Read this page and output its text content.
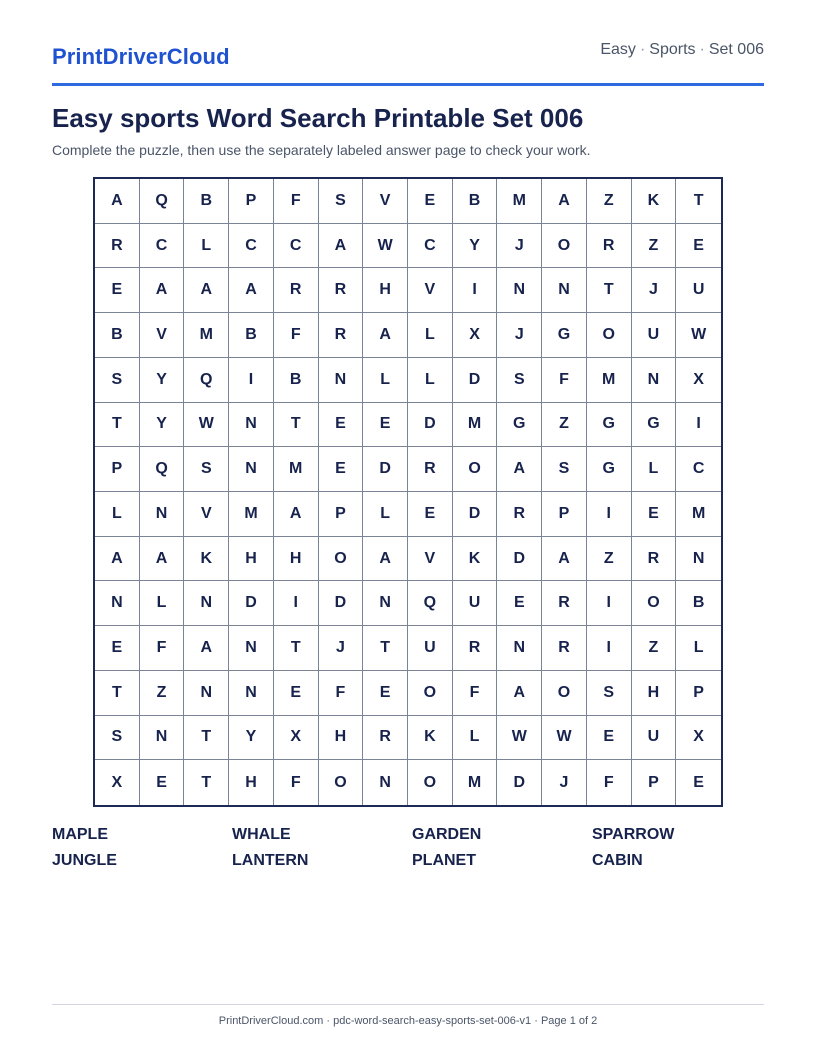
PrintDriverCloud	Easy · Sports · Set 006
Easy sports Word Search Printable Set 006

Complete the puzzle, then use the separately labeled answer page to check your work.

A	Q	B	P	F	S	V	E	B	M	A	Z	K	T
R	C	L	C	C	A	W	C	Y	J	O	R	Z	E
E	A	A	A	R	R	H	V	I	N	N	T	J	U
B	V	M	B	F	R	A	L	X	J	G	O	U	W
S	Y	Q	I	B	N	L	L	D	S	F	M	N	X
T	Y	W	N	T	E	E	D	M	G	Z	G	G	I
P	Q	S	N	M	E	D	R	O	A	S	G	L	C
L	N	V	M	A	P	L	E	D	R	P	I	E	M
A	A	K	H	H	O	A	V	K	D	A	Z	R	N
N	L	N	D	I	D	N	Q	U	E	R	I	O	B
E	F	A	N	T	J	T	U	R	N	R	I	Z	L
T	Z	N	N	E	F	E	O	F	A	O	S	H	P
S	N	T	Y	X	H	R	K	L	W	W	E	U	X
X	E	T	H	F	O	N	O	M	D	J	F	P	E
MAPLE	WHALE	GARDEN	SPARROW
JUNGLE	LANTERN	PLANET	CABIN
PrintDriverCloud.com · pdc-word-search-easy-sports-set-006-v1 · Page 1 of 2
